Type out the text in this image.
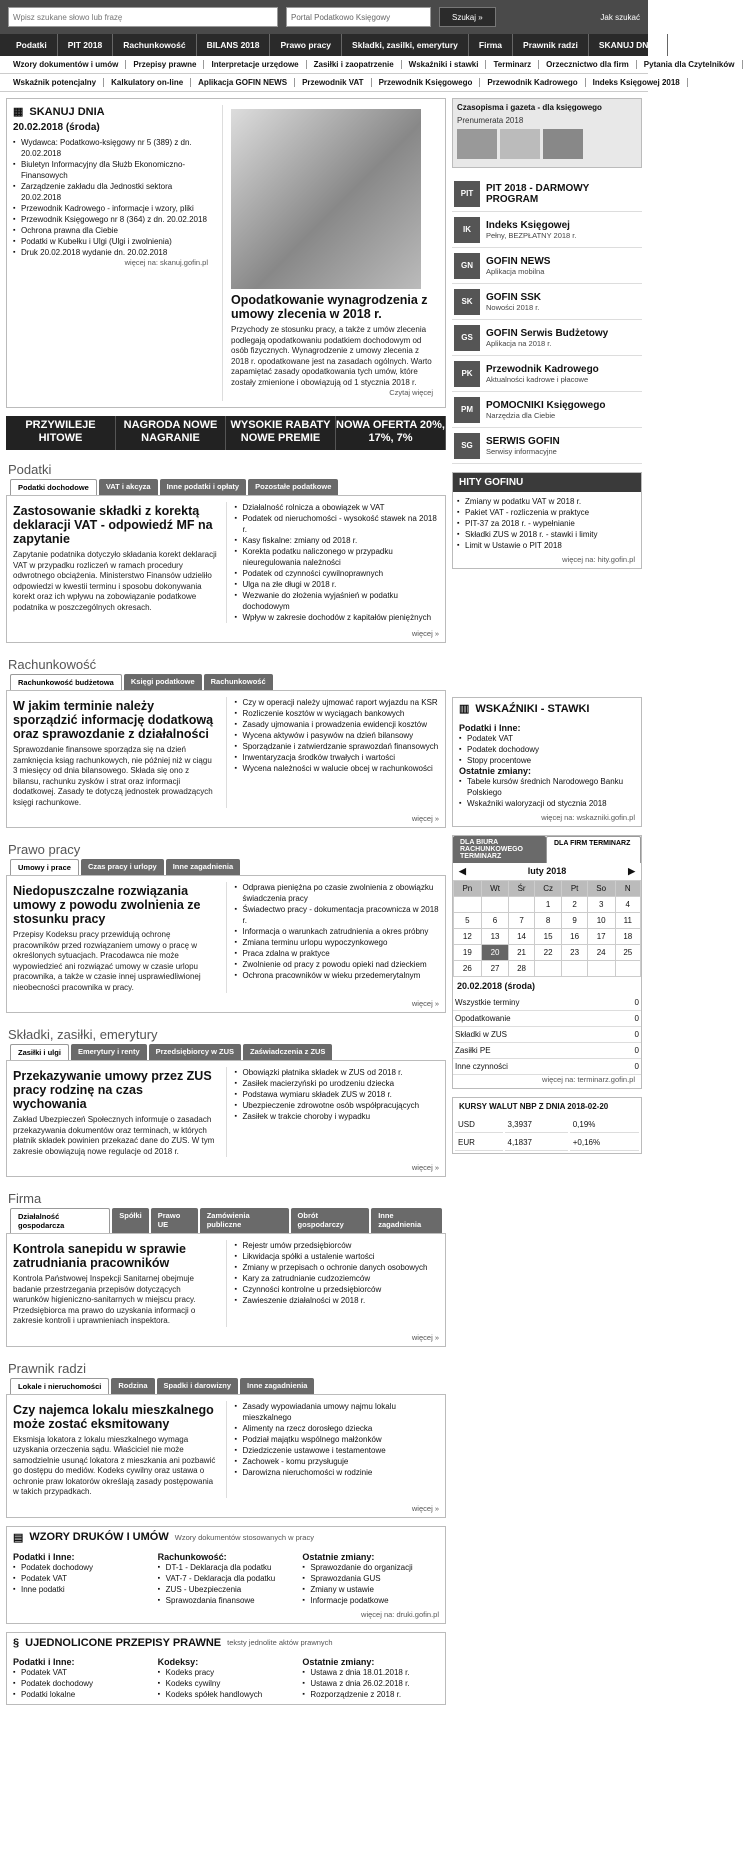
Wpisz szukane słowo lub frazę
Portal Podatkowo Księgowy
Szukaj »	Jak szukać
Podatki	PIT 2018	Rachunkowość	BILANS 2018	Prawo pracy	Skladki, zasilki, emerytury	Firma	Prawnik radzi	SKANUJ DNIA
Wzory dokumentów i umów	Przepisy prawne	Interpretacje urzędowe	Zasiłki i zaopatrzenie	Wskaźniki i stawki	Terminarz	Orzecznictwo dla firm	Pytania dla Czytelników
Wskaźnik potencjalny	Kalkulatory on-line	Aplikacja GOFIN NEWS	Przewodnik VAT	Przewodnik Księgowego	Przewodnik Kadrowego	Indeks Księgowej 2018
▦ SKANUJ DNIA
20.02.2018 (środa)
▪ Wydawca: Podatkowo-księgowy nr 5 (389) z dn. 20.02.2018
▪ Biuletyn Informacyjny dla Służb Ekonomiczno-Finansowych
▪ Zarządzenie zakładu dla Jednostki sektora 20.02.2018
▪ Przewodnik Kadrowego - informacje i wzory, pliki
▪ Przewodnik Księgowego nr 8 (364) z dn. 20.02.2018
▪ Ochrona prawna dla Ciebie
▪ Podatki w Kubełku i Ulgi (Ulgi i zwolnienia)
▪ Druk 20.02.2018 wydanie dn. 20.02.2018
więcej na: skanuj.gofin.pl
Opodatkowanie wynagrodzenia z umowy zlecenia w 2018 r.

Przychody ze stosunku pracy, a także z umów zlecenia podlegają opodatkowaniu podatkiem dochodowym od osób fizycznych. Wynagrodzenie z umowy zlecenia z 2018 r. opodatkowane jest na zasadach ogólnych. Warto zapamiętać zasady opodatkowania tych umów, które zostały zmienione i obowiązują od 1 stycznia 2018 r.

Czytaj więcej
PRZYWILEJE HITOWE
NAGRODA NOWE NAGRANIE
WYSOKIE RABATY NOWE PREMIE
NOWA OFERTA 20%, 17%, 7%
Podatki
Podatki dochodowe	VAT i akcyza	Inne podatki i opłaty	Pozostałe podatkowe
Zastosowanie składki z korektą deklaracji VAT - odpowiedź MF na zapytanie

Zapytanie podatnika dotyczyło składania korekt deklaracji VAT w przypadku rozliczeń w ramach procedury odwrotnego obciążenia. Ministerstwo Finansów udzieliło odpowiedzi w kwestii terminu i sposobu dokonywania korekt oraz ich wpływu na zobowiązanie podatkowe podatnika w poszczególnych okresach.

▪ Działalność rolnicza a obowiązek w VAT
▪ Podatek od nieruchomości - wysokość stawek na 2018 r.
▪ Kasy fiskalne: zmiany od 2018 r.
▪ Korekta podatku naliczonego w przypadku nieuregulowania należności
▪ Podatek od czynności cywilnoprawnych
▪ Ulga na złe długi w 2018 r.
▪ Wezwanie do złożenia wyjaśnień w podatku dochodowym
▪ Wpływ w zakresie dochodów z kapitałów pieniężnych
więcej »
Rachunkowość
Rachunkowość budżetowa	Księgi podatkowe	Rachunkowość
W jakim terminie należy sporządzić informację dodatkową oraz sprawozdanie z działalności

Sprawozdanie finansowe sporządza się na dzień zamknięcia ksiąg rachunkowych, nie później niż w ciągu 3 miesięcy od dnia bilansowego. Składa się ono z bilansu, rachunku zysków i strat oraz informacji dodatkowej. Zasady te dotyczą jednostek prowadzących księgi rachunkowe.

▪ Czy w operacji należy ujmować raport wyjazdu na KSR
▪ Rozliczenie kosztów w wyciągach bankowych
▪ Zasady ujmowania i prowadzenia ewidencji kosztów
▪ Wycena aktywów i pasywów na dzień bilansowy
▪ Sporządzanie i zatwierdzanie sprawozdań finansowych
▪ Inwentaryzacja środków trwałych i wartości
▪ Wycena należności w walucie obcej w rachunkowości
więcej »
Prawo pracy
Umowy i prace	Czas pracy i urlopy	Inne zagadnienia
Niedopuszczalne rozwiązania umowy z powodu zwolnienia ze stosunku pracy

Przepisy Kodeksu pracy przewidują ochronę pracowników przed rozwiązaniem umowy o pracę w określonych sytuacjach. Pracodawca nie może wypowiedzieć ani rozwiązać umowy w czasie urlopu pracownika, a także w czasie innej usprawiedliwionej nieobecności pracownika w pracy.

▪ Odprawa pieniężna po czasie zwolnienia z obowiązku świadczenia pracy
▪ Świadectwo pracy - dokumentacja pracownicza w 2018 r.
▪ Informacja o warunkach zatrudnienia a okres próbny
▪ Zmiana terminu urlopu wypoczynkowego
▪ Praca zdalna w praktyce
▪ Zwolnienie od pracy z powodu opieki nad dzieckiem
▪ Ochrona pracowników w wieku przedemerytalnym
więcej »
Składki, zasiłki, emerytury
Zasiłki i ulgi	Emerytury i renty	Przedsiębiorcy w ZUS	Zaświadczenia z ZUS
Przekazywanie umowy przez ZUS pracy rodzinę na czas wychowania

Zakład Ubezpieczeń Społecznych informuje o zasadach przekazywania dokumentów oraz terminach, w których płatnik składek powinien przekazać dane do ZUS. W tym zakresie obowiązują nowe regulacje od 2018 r.

▪ Obowiązki płatnika składek w ZUS od 2018 r.
▪ Zasiłek macierzyński po urodzeniu dziecka
▪ Podstawa wymiaru składek ZUS w 2018 r.
▪ Ubezpieczenie zdrowotne osób współpracujących
▪ Zasiłek w trakcie choroby i wypadku
więcej »
Firma
Działalność gospodarcza
Spółki	Prawo UE
Zamówienia publiczne
Obrót gospodarczy
Inne zagadnienia
Kontrola sanepidu w sprawie zatrudniania pracowników

Kontrola Państwowej Inspekcji Sanitarnej obejmuje badanie przestrzegania przepisów dotyczących warunków higieniczno-sanitarnych w miejscu pracy. Przedsiębiorca ma prawo do uzyskania informacji o zakresie kontroli i uprawnieniach inspektora.

▪ Rejestr umów przedsiębiorców
▪ Likwidacja spółki a ustalenie wartości
▪ Zmiany w przepisach o ochronie danych osobowych
▪ Kary za zatrudnianie cudzoziemców
▪ Czynności kontrolne u przedsiębiorców
▪ Zawieszenie działalności w 2018 r.
więcej »
Prawnik radzi
Lokale i nieruchomości	Rodzina	Spadki i darowizny	Inne zagadnienia
Czy najemca lokalu mieszkalnego może zostać eksmitowany

Eksmisja lokatora z lokalu mieszkalnego wymaga uzyskania orzeczenia sądu. Właściciel nie może samodzielnie usunąć lokatora z mieszkania ani pozbawić go dostępu do mediów. Kodeks cywilny oraz ustawa o ochronie praw lokatorów określają zasady postępowania w takich przypadkach.

▪ Zasady wypowiadania umowy najmu lokalu mieszkalnego
▪ Alimenty na rzecz dorosłego dziecka
▪ Podział majątku wspólnego małżonków
▪ Dziedziczenie ustawowe i testamentowe
▪ Zachowek - komu przysługuje
▪ Darowizna nieruchomości w rodzinie
więcej »
▤ WZORY DRUKÓW I UMÓW Wzory dokumentów stosowanych w pracy
Podatki i Inne:
▪ Podatek dochodowy
▪ Podatek VAT
▪ Inne podatki
Rachunkowość:
▪ DT-1 - Deklaracja dla podatku
▪ VAT-7 - Deklaracja dla podatku
▪ ZUS - Ubezpieczenia
▪ Sprawozdania finansowe
Ostatnie zmiany:
▪ Sprawozdanie do organizacji
▪ Sprawozdania GUS
▪ Zmiany w ustawie
▪ Informacje podatkowe
więcej na: druki.gofin.pl
§ UJEDNOLICONE PRZEPISY PRAWNE teksty jednolite aktów prawnych
Podatki i Inne:
▪ Podatek VAT
▪ Podatek dochodowy
▪ Podatki lokalne
Kodeksy:
▪ Kodeks pracy
▪ Kodeks cywilny
▪ Kodeks spółek handlowych
Ostatnie zmiany:
▪ Ustawa z dnia 18.01.2018 r.
▪ Ustawa z dnia 26.02.2018 r.
▪ Rozporządzenie z 2018 r.
Czasopisma i gazeta - dla księgowego
Prenumerata 2018
PIT	PIT 2018 - DARMOWY PROGRAM
IK	Indeks Księgowej
Pełny, BEZPŁATNY 2018 r.
GN	GOFIN NEWS
Aplikacja mobilna
SK	GOFIN SSK
Nowości 2018 r.
GS	GOFIN Serwis Budżetowy
Aplikacja na 2018 r.
PK	Przewodnik Kadrowego
Aktualności kadrowe i płacowe
PM	POMOCNIKI Księgowego
Narzędzia dla Ciebie
SG	SERWIS GOFIN
Serwisy informacyjne
HITY GOFINU
▪ Zmiany w podatku VAT w 2018 r.
▪ Pakiet VAT - rozliczenia w praktyce
▪ PIT-37 za 2018 r. - wypełnianie
▪ Składki ZUS w 2018 r. - stawki i limity
▪ Limit w Ustawie o PIT 2018
więcej na: hity.gofin.pl
▥ WSKAŹNIKI - STAWKI
Podatki i Inne:
▪ Podatek VAT
▪ Podatek dochodowy
▪ Stopy procentowe
Ostatnie zmiany:
▪ Tabele kursów średnich Narodowego Banku Polskiego
▪ Wskaźniki waloryzacji od stycznia 2018
więcej na: wskazniki.gofin.pl
DLA BIURA RACHUNKOWEGO TERMINARZ
DLA FIRM TERMINARZ
◀	luty 2018	▶
Pn	Wt	Śr	Cz	Pt	So	N
			1	2	3	4
5	6	7	8	9	10	11
12	13	14	15	16	17	18
19	20	21	22	23	24	25
26	27	28				
20.02.2018 (środa)
Wszystkie terminy	0
Opodatkowanie	0
Składki w ZUS	0
Zasiłki PE	0
Inne czynności	0
więcej na: terminarz.gofin.pl
KURSY WALUT NBP Z DNIA 2018-02-20
USD	3,3937	0,19%
EUR	4,1837	+0,16%
